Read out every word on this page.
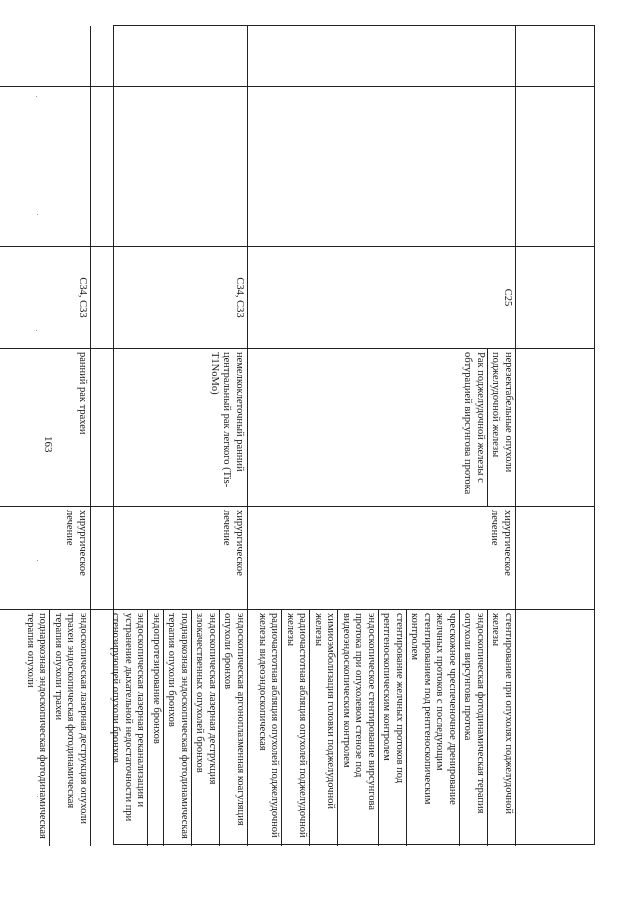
163
C25
нерезектабельные опухоли поджелудочной железы
Рак поджелудочной железы с обтурацией вирсунгова протока
хирургическое лечение
стентирование при опухолях поджелудочной железы
эндоскопическая фотодинамическая терапия опухоли вирсунгова протока
чрескожное чреспеченочное дренирование желчных протоков с последующим стентированием под рентгеноскопическим контролем
стентирование желчных протоков под рентгеноскопическим контролем
эндоскопическое стентирование вирсунгова протока при опухолевом стенозе под видеоэндоскопическим контролем
химиоэмболизация головки поджелудочной железы
радиочастотная абляция опухолей поджелудочной железы
радиочастотная абляция опухолей поджелудочной железы видеоэндоскопическая
C34, C33
немелкоклеточный ранний центральный рак легкого (Tis-T1NoMo)
хирургическое лечение
эндоскопическая аргоноплазменная коагуляция опухоли бронхов
эндоскопическая лазерная деструкция злокачественных опухолей бронхов
поднаркозная эндоскопическая фотодинамическая терапия опухоли бронхов
эндопротезирование бронхов
эндоскопическая лазерная реканализация и устранение дыхательной недостаточности при стенозирующей опухоли бронхов
C34, C33
ранний рак трахеи
хирургическое лечение
эндоскопическая лазерная деструкция опухоли трахеи эндоскопическая фотодинамическая терапия опухоли трахеи
поднаркозная эндоскопическая фотодинамическая терапия опухоли
